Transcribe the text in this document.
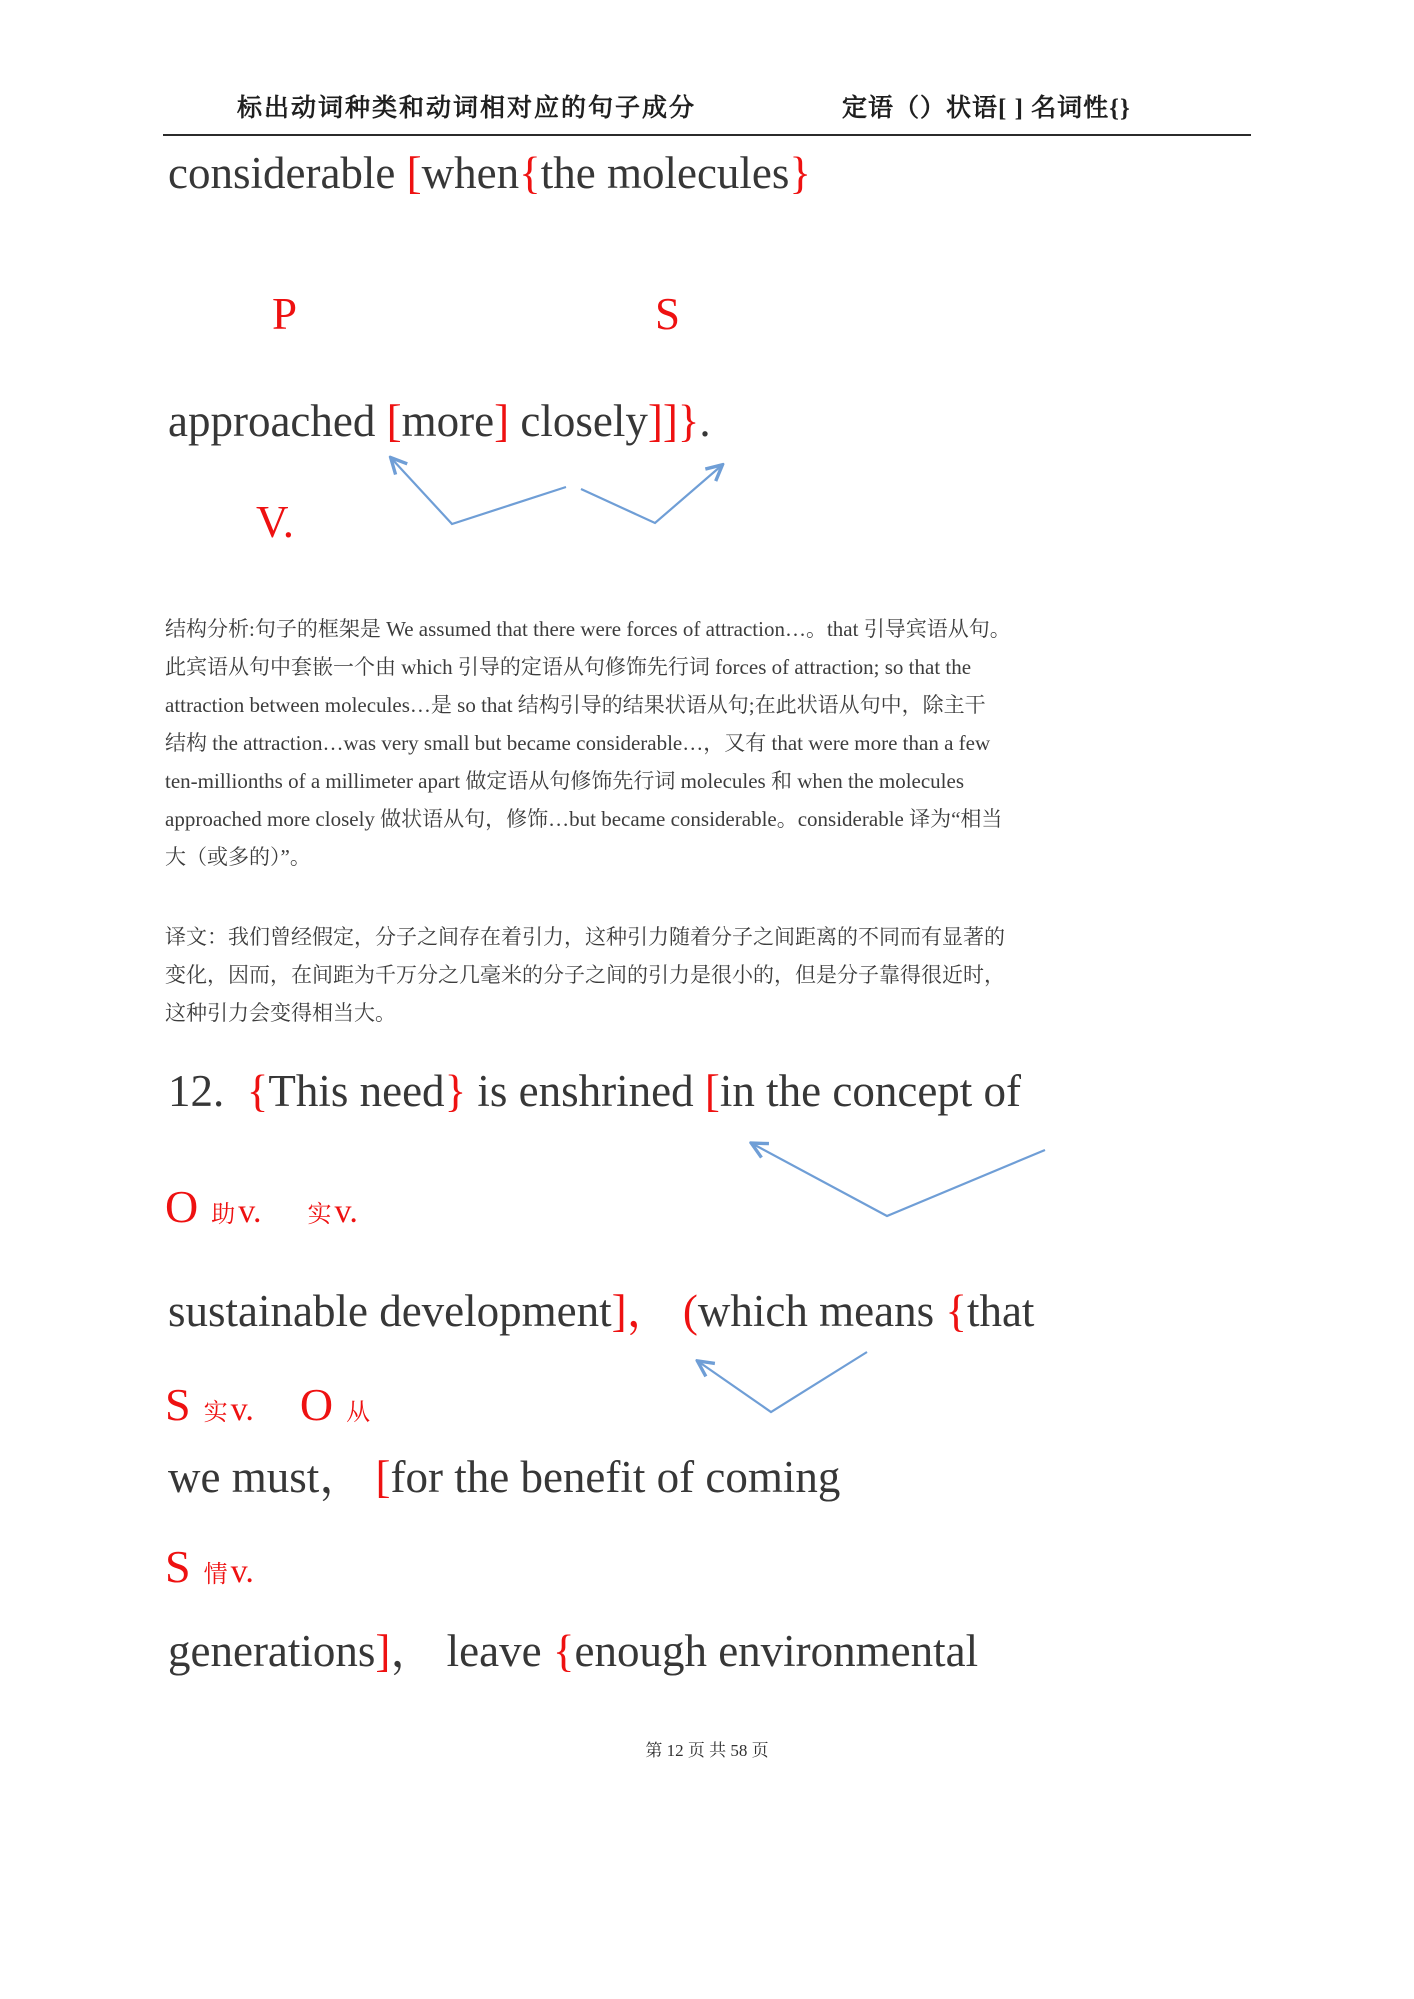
标出动词种类和动词相对应的句子成分	定语（）状语[ ] 名词性{}
considerable [when{the molecules}
P	S
approached [more] closely]]}.
V.
结构分析:句子的框架是 We assumed that there were forces of attraction…。that 引导宾语从句。
此宾语从句中套嵌一个由 which 引导的定语从句修饰先行词 forces of attraction; so that the
attraction between molecules…是 so that 结构引导的结果状语从句;在此状语从句中，除主干
结构 the attraction…was very small but became considerable…，又有 that were more than a few
ten-millionths of a millimeter apart 做定语从句修饰先行词 molecules 和 when the molecules
approached more closely 做状语从句，修饰…but became considerable。considerable 译为“相当
大（或多的）”。
译文：我们曾经假定，分子之间存在着引力，这种引力随着分子之间距离的不同而有显著的
变化，因而，在间距为千万分之几毫米的分子之间的引力是很小的，但是分子靠得很近时，
这种引力会变得相当大。
12.  {This need} is enshrined [in the concept of
O助v. 实v.
sustainable development]， (which means {that
S实v. O 从
we must， [for the benefit of coming
S情v.
generations]， leave {enough environmental
第 12 页 共 58 页
